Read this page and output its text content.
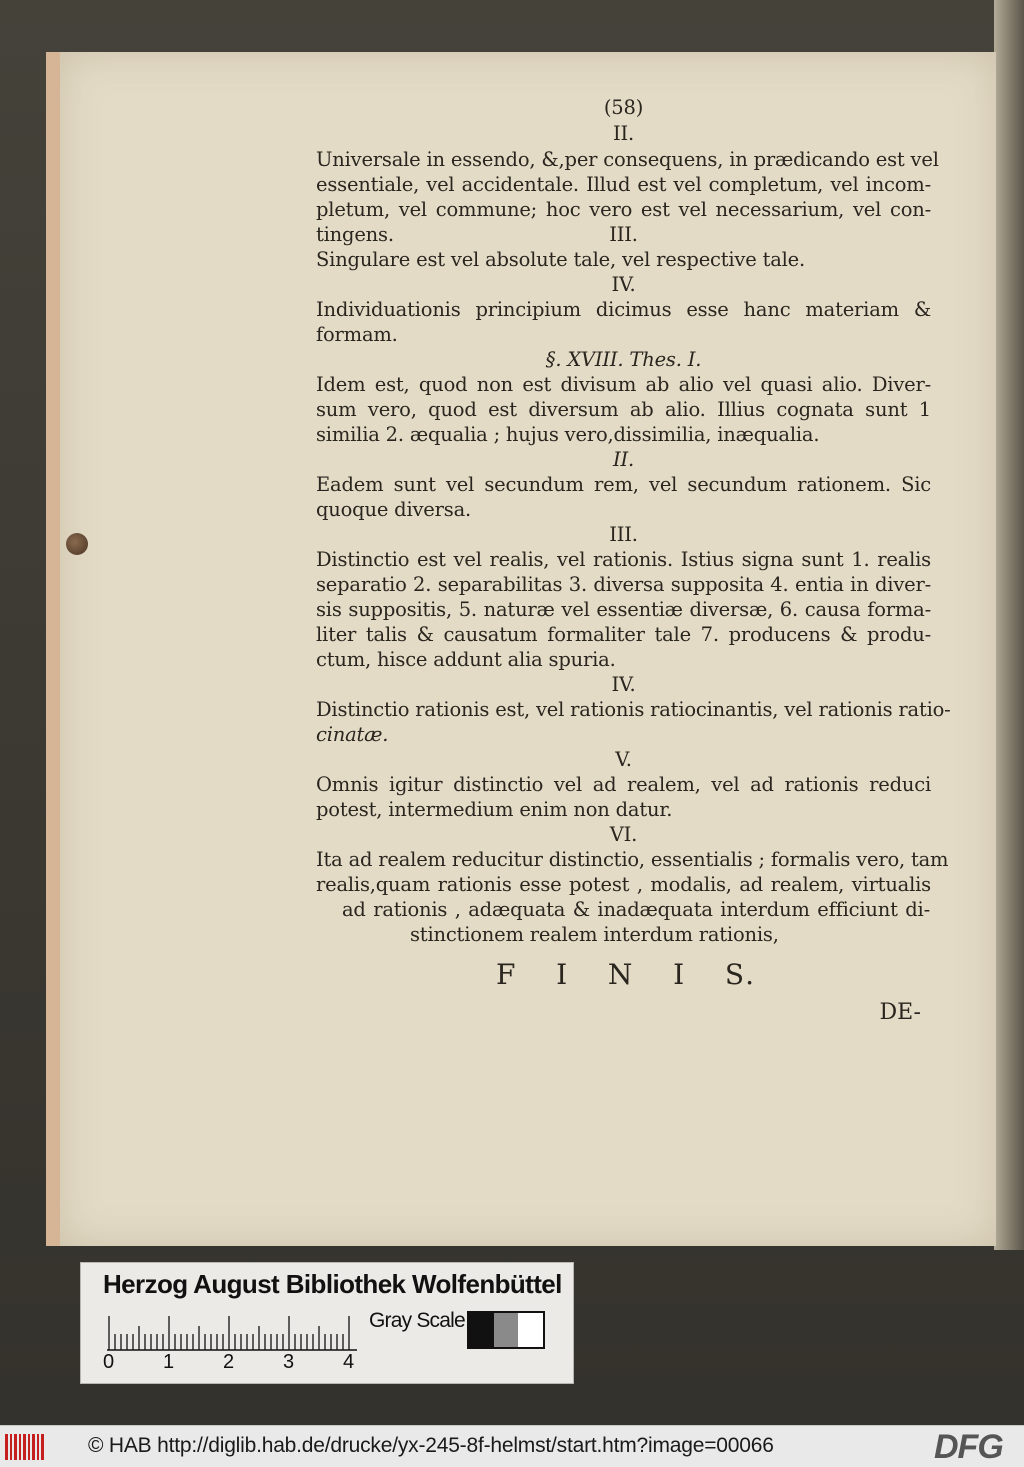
(58)
II.
Universale in essendo, &,per consequens, in prædicando est vel
essentiale, vel accidentale. Illud est vel completum, vel incom-
pletum, vel commune; hoc vero est vel necessarium, vel con-
tingens.	III.
Singulare est vel absolute tale, vel respective tale.
IV.
Individuationis principium dicimus esse hanc materiam &
formam.
§. XVIII. Thes. I.
Idem est, quod non est divisum ab alio vel quasi alio. Diver-
sum vero, quod est diversum ab alio. Illius cognata sunt 1
similia 2. æqualia ; hujus vero,dissimilia, inæqualia.
II.
Eadem sunt vel secundum rem, vel secundum rationem. Sic
quoque diversa.
III.
Distinctio est vel realis, vel rationis. Istius signa sunt 1. realis
separatio 2. separabilitas 3. diversa supposita 4. entia in diver-
sis suppositis, 5. naturæ vel essentiæ diversæ, 6. causa forma-
liter talis & causatum formaliter tale 7. producens & produ-
ctum, hisce addunt alia spuria.
IV.
Distinctio rationis est, vel rationis ratiocinantis, vel rationis ratio-
cinatæ.
V.
Omnis igitur distinctio vel ad realem, vel ad rationis reduci
potest, intermedium enim non datur.
VI.
Ita ad realem reducitur distinctio, essentialis ; formalis vero, tam
realis,quam rationis esse potest , modalis, ad realem, virtualis
ad rationis , adæquata & inadæquata interdum efficiunt di-
stinctionem realem interdum rationis,
F I N I S.
DE-
Herzog August Bibliothek Wolfenbüttel
0 1 2 3 4
Gray Scale
© HAB http://diglib.hab.de/drucke/yx-245-8f-helmst/start.htm?image=00066	DFG
